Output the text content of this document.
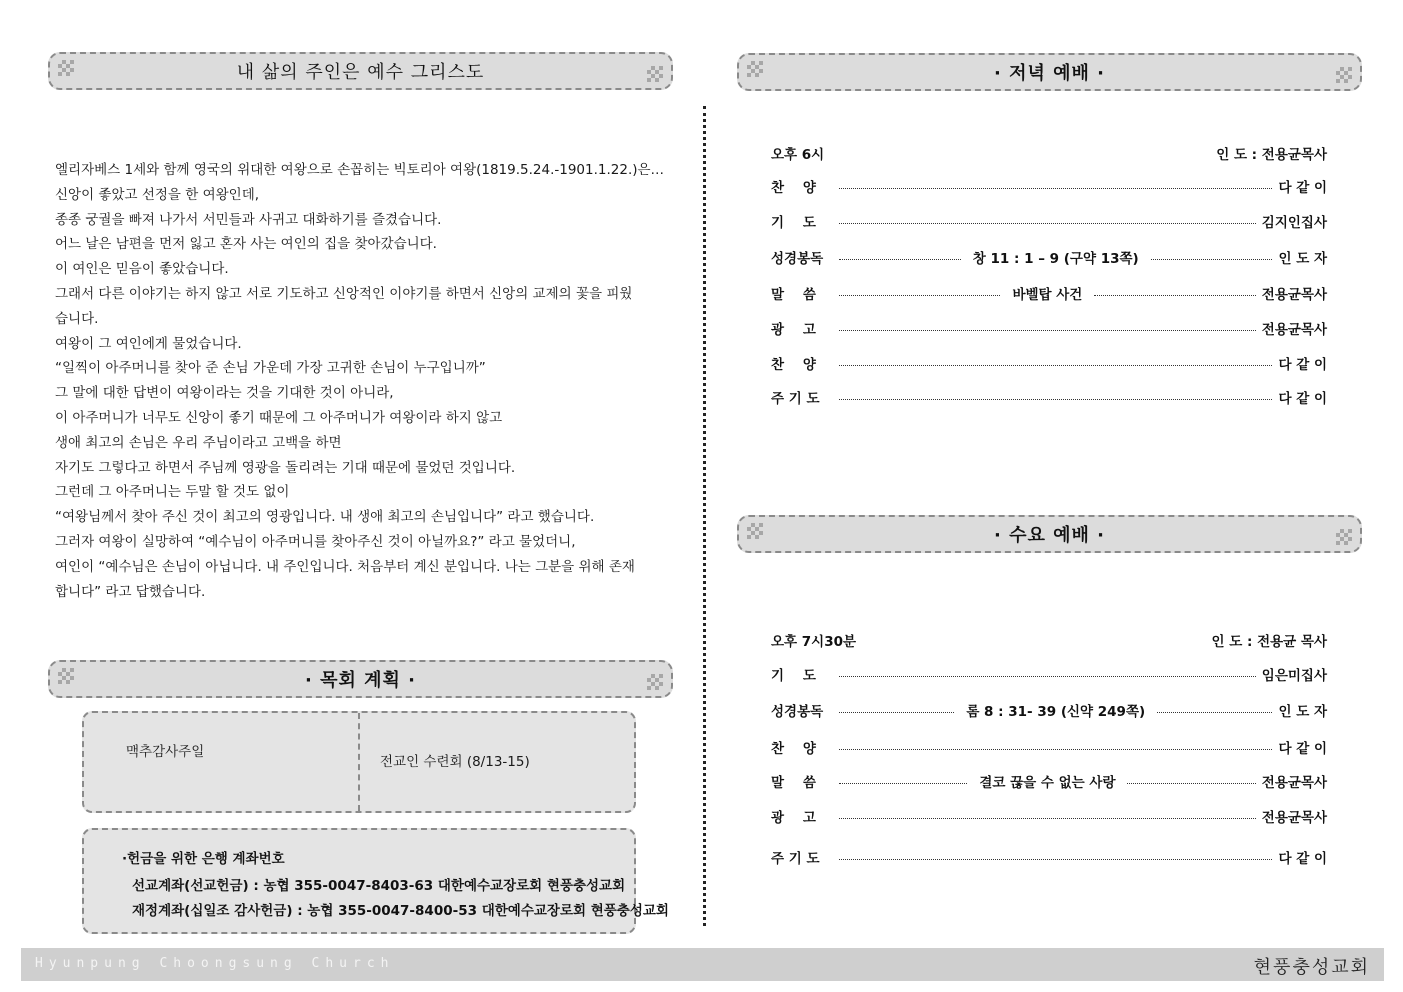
내 삶의 주인은 예수 그리스도

엘리자베스 1세와 함께 영국의 위대한 여왕으로 손꼽히는 빅토리아 여왕(1819.5.24.-1901.1.22.)은…

신앙이 좋았고 선정을 한 여왕인데,

종종 궁궐을 빠져 나가서 서민들과 사귀고 대화하기를 즐겼습니다.

어느 날은 남편을 먼저 잃고 혼자 사는 여인의 집을 찾아갔습니다.

이 여인은 믿음이 좋았습니다.

그래서 다른 이야기는 하지 않고 서로 기도하고 신앙적인 이야기를 하면서 신앙의 교제의 꽃을 피웠습니다.

여왕이 그 여인에게 물었습니다.

“일찍이 아주머니를 찾아 준 손님 가운데 가장 고귀한 손님이 누구입니까”

그 말에 대한 답변이 여왕이라는 것을 기대한 것이 아니라,

이 아주머니가 너무도 신앙이 좋기 때문에 그 아주머니가 여왕이라 하지 않고

생애 최고의 손님은 우리 주님이라고 고백을 하면

자기도 그렇다고 하면서 주님께 영광을 돌리려는 기대 때문에 물었던 것입니다.

그런데 그 아주머니는 두말 할 것도 없이

“여왕님께서 찾아 주신 것이 최고의 영광입니다. 내 생애 최고의 손님입니다” 라고 했습니다.

그러자 여왕이 실망하여 “예수님이 아주머니를 찾아주신 것이 아닐까요?” 라고 물었더니,

여인이 “예수님은 손님이 아닙니다. 내 주인입니다. 처음부터 계신 분입니다. 나는 그분을 위해 존재합니다” 라고 답했습니다.

· 목회 계획 ·
맥추감사주일
전교인 수련회 (8/13-15)
·헌금을 위한 은행 계좌번호
선교계좌(선교헌금) : 농협 355-0047-8403-63 대한예수교장로회 현풍충성교회
재정계좌(십일조 감사헌금) : 농협 355-0047-8400-53 대한예수교장로회 현풍충성교회
· 저녁 예배 ·
오후 6시	인 도 : 전용균목사
찬    양	다 같 이
기    도	김지인집사
성경봉독	창 11 : 1 – 9 (구약 13쪽)	인 도 자
말    씀	바벨탑 사건	전용균목사
광    고	전용균목사
찬    양	다 같 이
주 기 도	다 같 이
· 수요 예배 ·
오후 7시30분	인 도 : 전용균 목사
기    도	임은미집사
성경봉독	롬 8 : 31- 39 (신약 249쪽)	인 도 자
찬    양	다 같 이
말    씀	결코 끊을 수 없는 사랑	전용균목사
광    고	전용균목사
주 기 도	다 같 이
Hyunpung Choongsung Church	현풍충성교회
